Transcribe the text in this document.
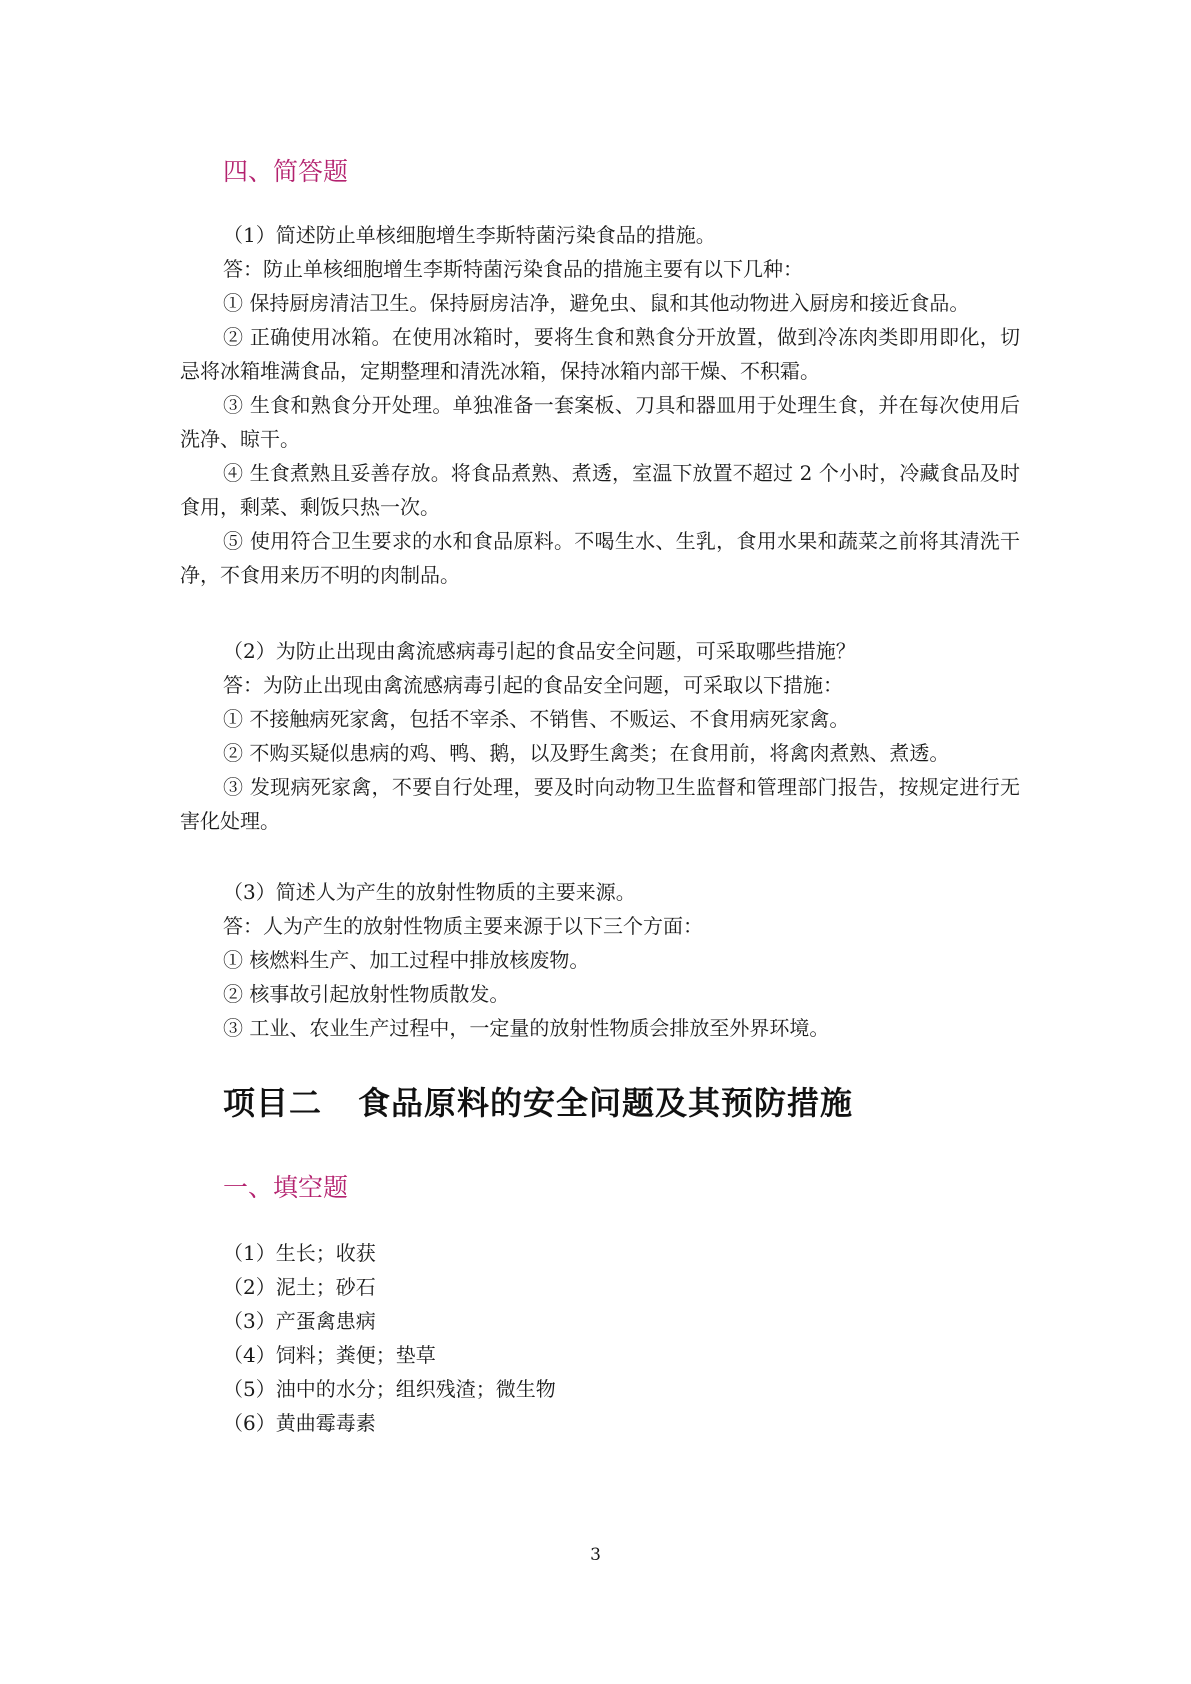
四、简答题

（1）简述防止单核细胞增生李斯特菌污染食品的措施。

答：防止单核细胞增生李斯特菌污染食品的措施主要有以下几种：

① 保持厨房清洁卫生。保持厨房洁净，避免虫、鼠和其他动物进入厨房和接近食品。

② 正确使用冰箱。在使用冰箱时，要将生食和熟食分开放置，做到冷冻肉类即用即化，切忌将冰箱堆满食品，定期整理和清洗冰箱，保持冰箱内部干燥、不积霜。

③ 生食和熟食分开处理。单独准备一套案板、刀具和器皿用于处理生食，并在每次使用后洗净、晾干。

④ 生食煮熟且妥善存放。将食品煮熟、煮透，室温下放置不超过 2 个小时，冷藏食品及时食用，剩菜、剩饭只热一次。

⑤ 使用符合卫生要求的水和食品原料。不喝生水、生乳，食用水果和蔬菜之前将其清洗干净，不食用来历不明的肉制品。

（2）为防止出现由禽流感病毒引起的食品安全问题，可采取哪些措施？

答：为防止出现由禽流感病毒引起的食品安全问题，可采取以下措施：

① 不接触病死家禽，包括不宰杀、不销售、不贩运、不食用病死家禽。

② 不购买疑似患病的鸡、鸭、鹅，以及野生禽类；在食用前，将禽肉煮熟、煮透。

③ 发现病死家禽，不要自行处理，要及时向动物卫生监督和管理部门报告，按规定进行无害化处理。

（3）简述人为产生的放射性物质的主要来源。

答：人为产生的放射性物质主要来源于以下三个方面：

① 核燃料生产、加工过程中排放核废物。

② 核事故引起放射性物质散发。

③ 工业、农业生产过程中，一定量的放射性物质会排放至外界环境。

项目二 食品原料的安全问题及其预防措施
一、填空题

（1）生长；收获

（2）泥土；砂石

（3）产蛋禽患病

（4）饲料；粪便；垫草

（5）油中的水分；组织残渣；微生物

（6）黄曲霉毒素

3
